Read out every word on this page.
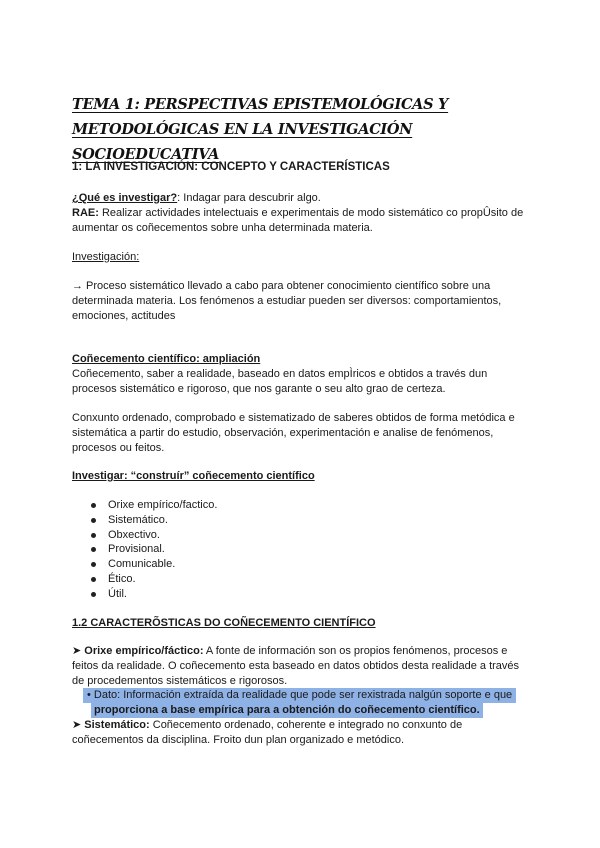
TEMA 1: PERSPECTIVAS EPISTEMOLÓGICAS Y METODOLÓGICAS EN LA INVESTIGACIÓN SOCIOEDUCATIVA
1: LA INVESTIGACIÓN: CONCEPTO Y CARACTERÍSTICAS
¿Qué es investigar?: Indagar para descubrir algo.
RAE: Realizar actividades intelectuais e experimentais de modo sistemático co propÛsito de aumentar os coñecementos sobre unha determinada materia.
Investigación:
→ Proceso sistemático llevado a cabo para obtener conocimiento científico sobre una determinada materia. Los fenómenos a estudiar pueden ser diversos: comportamientos, emociones, actitudes
Coñecemento científico: ampliación
Coñecemento, saber a realidade, baseado en datos empÌricos e obtidos a través dun procesos sistemático e rigoroso, que nos garante o seu alto grao de certeza.
Conxunto ordenado, comprobado e sistematizado de saberes obtidos de forma metódica e sistemática a partir do estudio, observación, experimentación e analise de fenómenos, procesos ou feitos.
Investigar: “construír” coñecemento científico
Orixe empírico/factico.
Sistemático.
Obxectivo.
Provisional.
Comunicable.
Ético.
Útil.
1.2 CARACTERÕSTICAS DO COÑECEMENTO CIENTÍFICO
➤ Orixe empírico/fáctico: A fonte de información son os propios fenómenos, procesos e feitos da realidade. O coñecemento esta baseado en datos obtidos desta realidade a través de procedementos sistemáticos e rigorosos.
• Dato: Información extraída da realidade que pode ser rexistrada nalgún soporte e que
proporciona a base empírica para a obtención do coñecemento científico.
➤ Sistemático: Coñecemento ordenado, coherente e integrado no conxunto de coñecementos da disciplina. Froito dun plan organizado e metódico.
